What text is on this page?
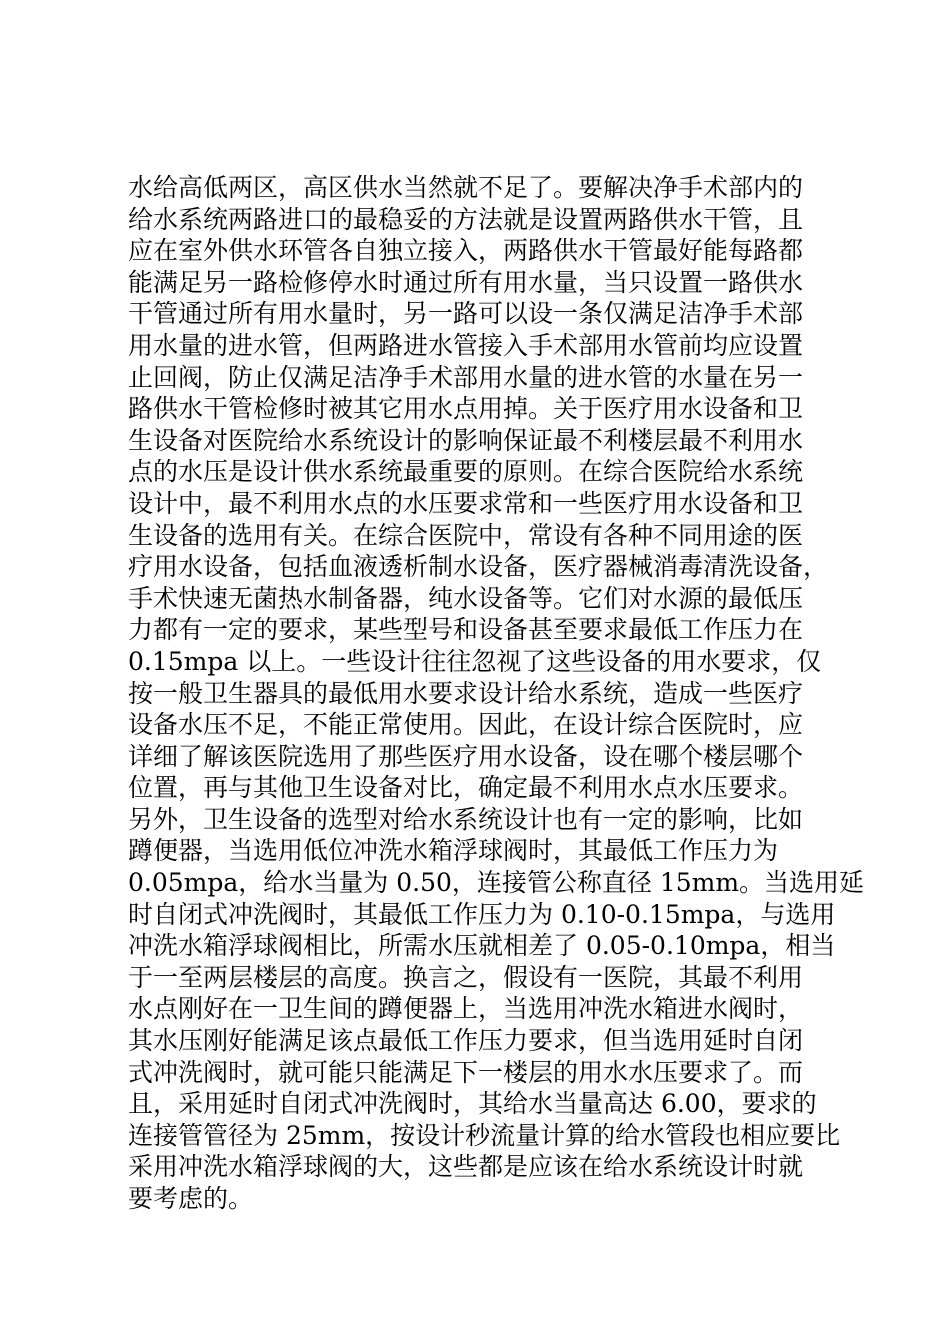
水给高低两区，高区供水当然就不足了。要解决净手术部内的
给水系统两路进口的最稳妥的方法就是设置两路供水干管，且
应在室外供水环管各自独立接入，两路供水干管最好能每路都
能满足另一路检修停水时通过所有用水量，当只设置一路供水
干管通过所有用水量时，另一路可以设一条仅满足洁净手术部
用水量的进水管，但两路进水管接入手术部用水管前均应设置
止回阀，防止仅满足洁净手术部用水量的进水管的水量在另一
路供水干管检修时被其它用水点用掉。关于医疗用水设备和卫
生设备对医院给水系统设计的影响保证最不利楼层最不利用水
点的水压是设计供水系统最重要的原则。在综合医院给水系统
设计中，最不利用水点的水压要求常和一些医疗用水设备和卫
生设备的选用有关。在综合医院中，常设有各种不同用途的医
疗用水设备，包括血液透析制水设备，医疗器械消毒清洗设备，
手术快速无菌热水制备器，纯水设备等。它们对水源的最低压
力都有一定的要求，某些型号和设备甚至要求最低工作压力在
0.15mpa 以上。一些设计往往忽视了这些设备的用水要求，仅
按一般卫生器具的最低用水要求设计给水系统，造成一些医疗
设备水压不足，不能正常使用。因此，在设计综合医院时，应
详细了解该医院选用了那些医疗用水设备，设在哪个楼层哪个
位置，再与其他卫生设备对比，确定最不利用水点水压要求。
另外，卫生设备的选型对给水系统设计也有一定的影响，比如
蹲便器，当选用低位冲洗水箱浮球阀时，其最低工作压力为
0.05mpa，给水当量为 0.50，连接管公称直径 15mm。当选用延
时自闭式冲洗阀时，其最低工作压力为 0.10-0.15mpa，与选用
冲洗水箱浮球阀相比，所需水压就相差了 0.05-0.10mpa，相当
于一至两层楼层的高度。换言之，假设有一医院，其最不利用
水点刚好在一卫生间的蹲便器上，当选用冲洗水箱进水阀时，
其水压刚好能满足该点最低工作压力要求，但当选用延时自闭
式冲洗阀时，就可能只能满足下一楼层的用水水压要求了。而
且，采用延时自闭式冲洗阀时，其给水当量高达 6.00，要求的
连接管管径为 25mm，按设计秒流量计算的给水管段也相应要比
采用冲洗水箱浮球阀的大，这些都是应该在给水系统设计时就
要考虑的。
